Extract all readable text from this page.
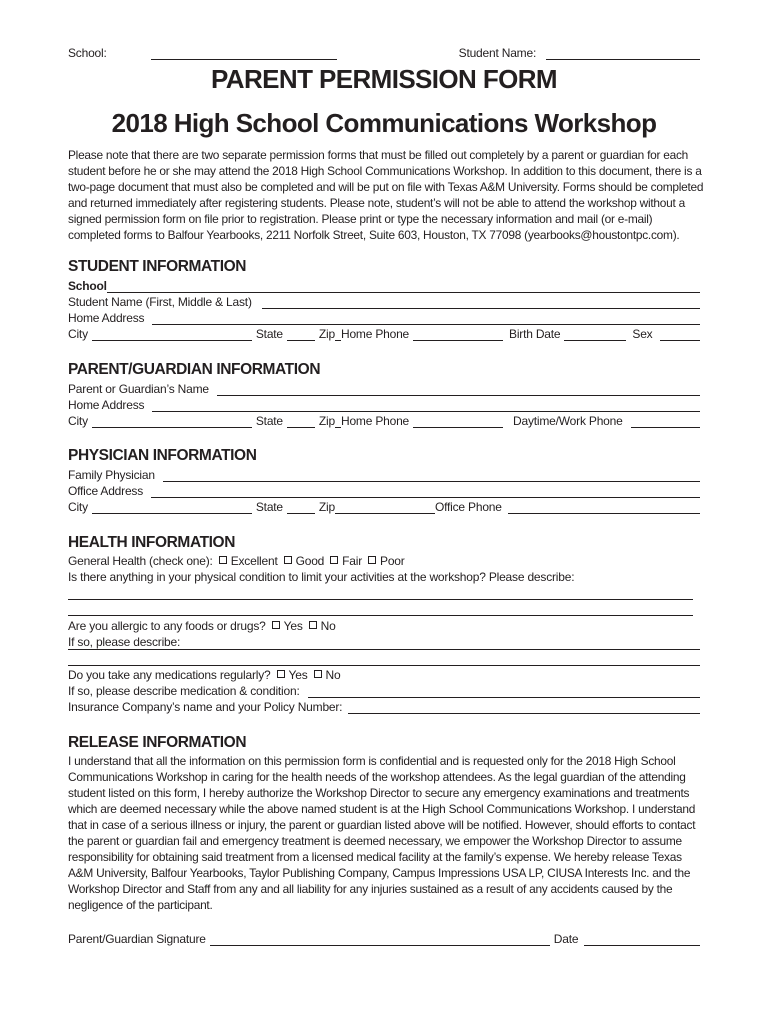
School:	Student Name:
PARENT PERMISSION FORM
2018 High School Communications Workshop
Please note that there are two separate permission forms that must be filled out completely by a parent or guardian for each
student before he or she may attend the 2018 High School Communications Workshop. In addition to this document, there is a
two-page document that must also be completed and will be put on file with Texas A&M University. Forms should be completed
and returned immediately after registering students. Please note, student’s will not be able to attend the workshop without a
signed permission form on file prior to registration. Please print or type the necessary information and mail (or e-mail)
completed forms to Balfour Yearbooks, 2211 Norfolk Street, Suite 603, Houston, TX 77098 (yearbooks@houstontpc.com).
STUDENT INFORMATION
School
Student Name (First, Middle & Last)
Home Address
City	State	Zip Home Phone	Birth Date	Sex
PARENT/GUARDIAN INFORMATION
Parent or Guardian’s Name
Home Address
City	State	Zip Home Phone	Daytime/Work Phone
PHYSICIAN INFORMATION
Family Physician
Office Address
City	State	Zip	Office Phone
HEALTH INFORMATION
General Health (check one):	Excellent	Good	Fair	Poor
Is there anything in your physical condition to limit your activities at the workshop? Please describe:
Are you allergic to any foods or drugs?	Yes	No
If so, please describe:
Do you take any medications regularly?	Yes	No
If so, please describe medication & condition:
Insurance Company’s name and your Policy Number:
RELEASE INFORMATION
I understand that all the information on this permission form is confidential and is requested only for the 2018 High School
Communications Workshop in caring for the health needs of the workshop attendees. As the legal guardian of the attending
student listed on this form, I hereby authorize the Workshop Director to secure any emergency examinations and treatments
which are deemed necessary while the above named student is at the High School Communications Workshop. I understand
that in case of a serious illness or injury, the parent or guardian listed above will be notified. However, should efforts to contact
the parent or guardian fail and emergency treatment is deemed necessary, we empower the Workshop Director to assume
responsibility for obtaining said treatment from a licensed medical facility at the family’s expense. We hereby release Texas
A&M University, Balfour Yearbooks, Taylor Publishing Company, Campus Impressions USA LP, CIUSA Interests Inc. and the
Workshop Director and Staff from any and all liability for any injuries sustained as a result of any accidents caused by the
negligence of the participant.
Parent/Guardian Signature	Date
